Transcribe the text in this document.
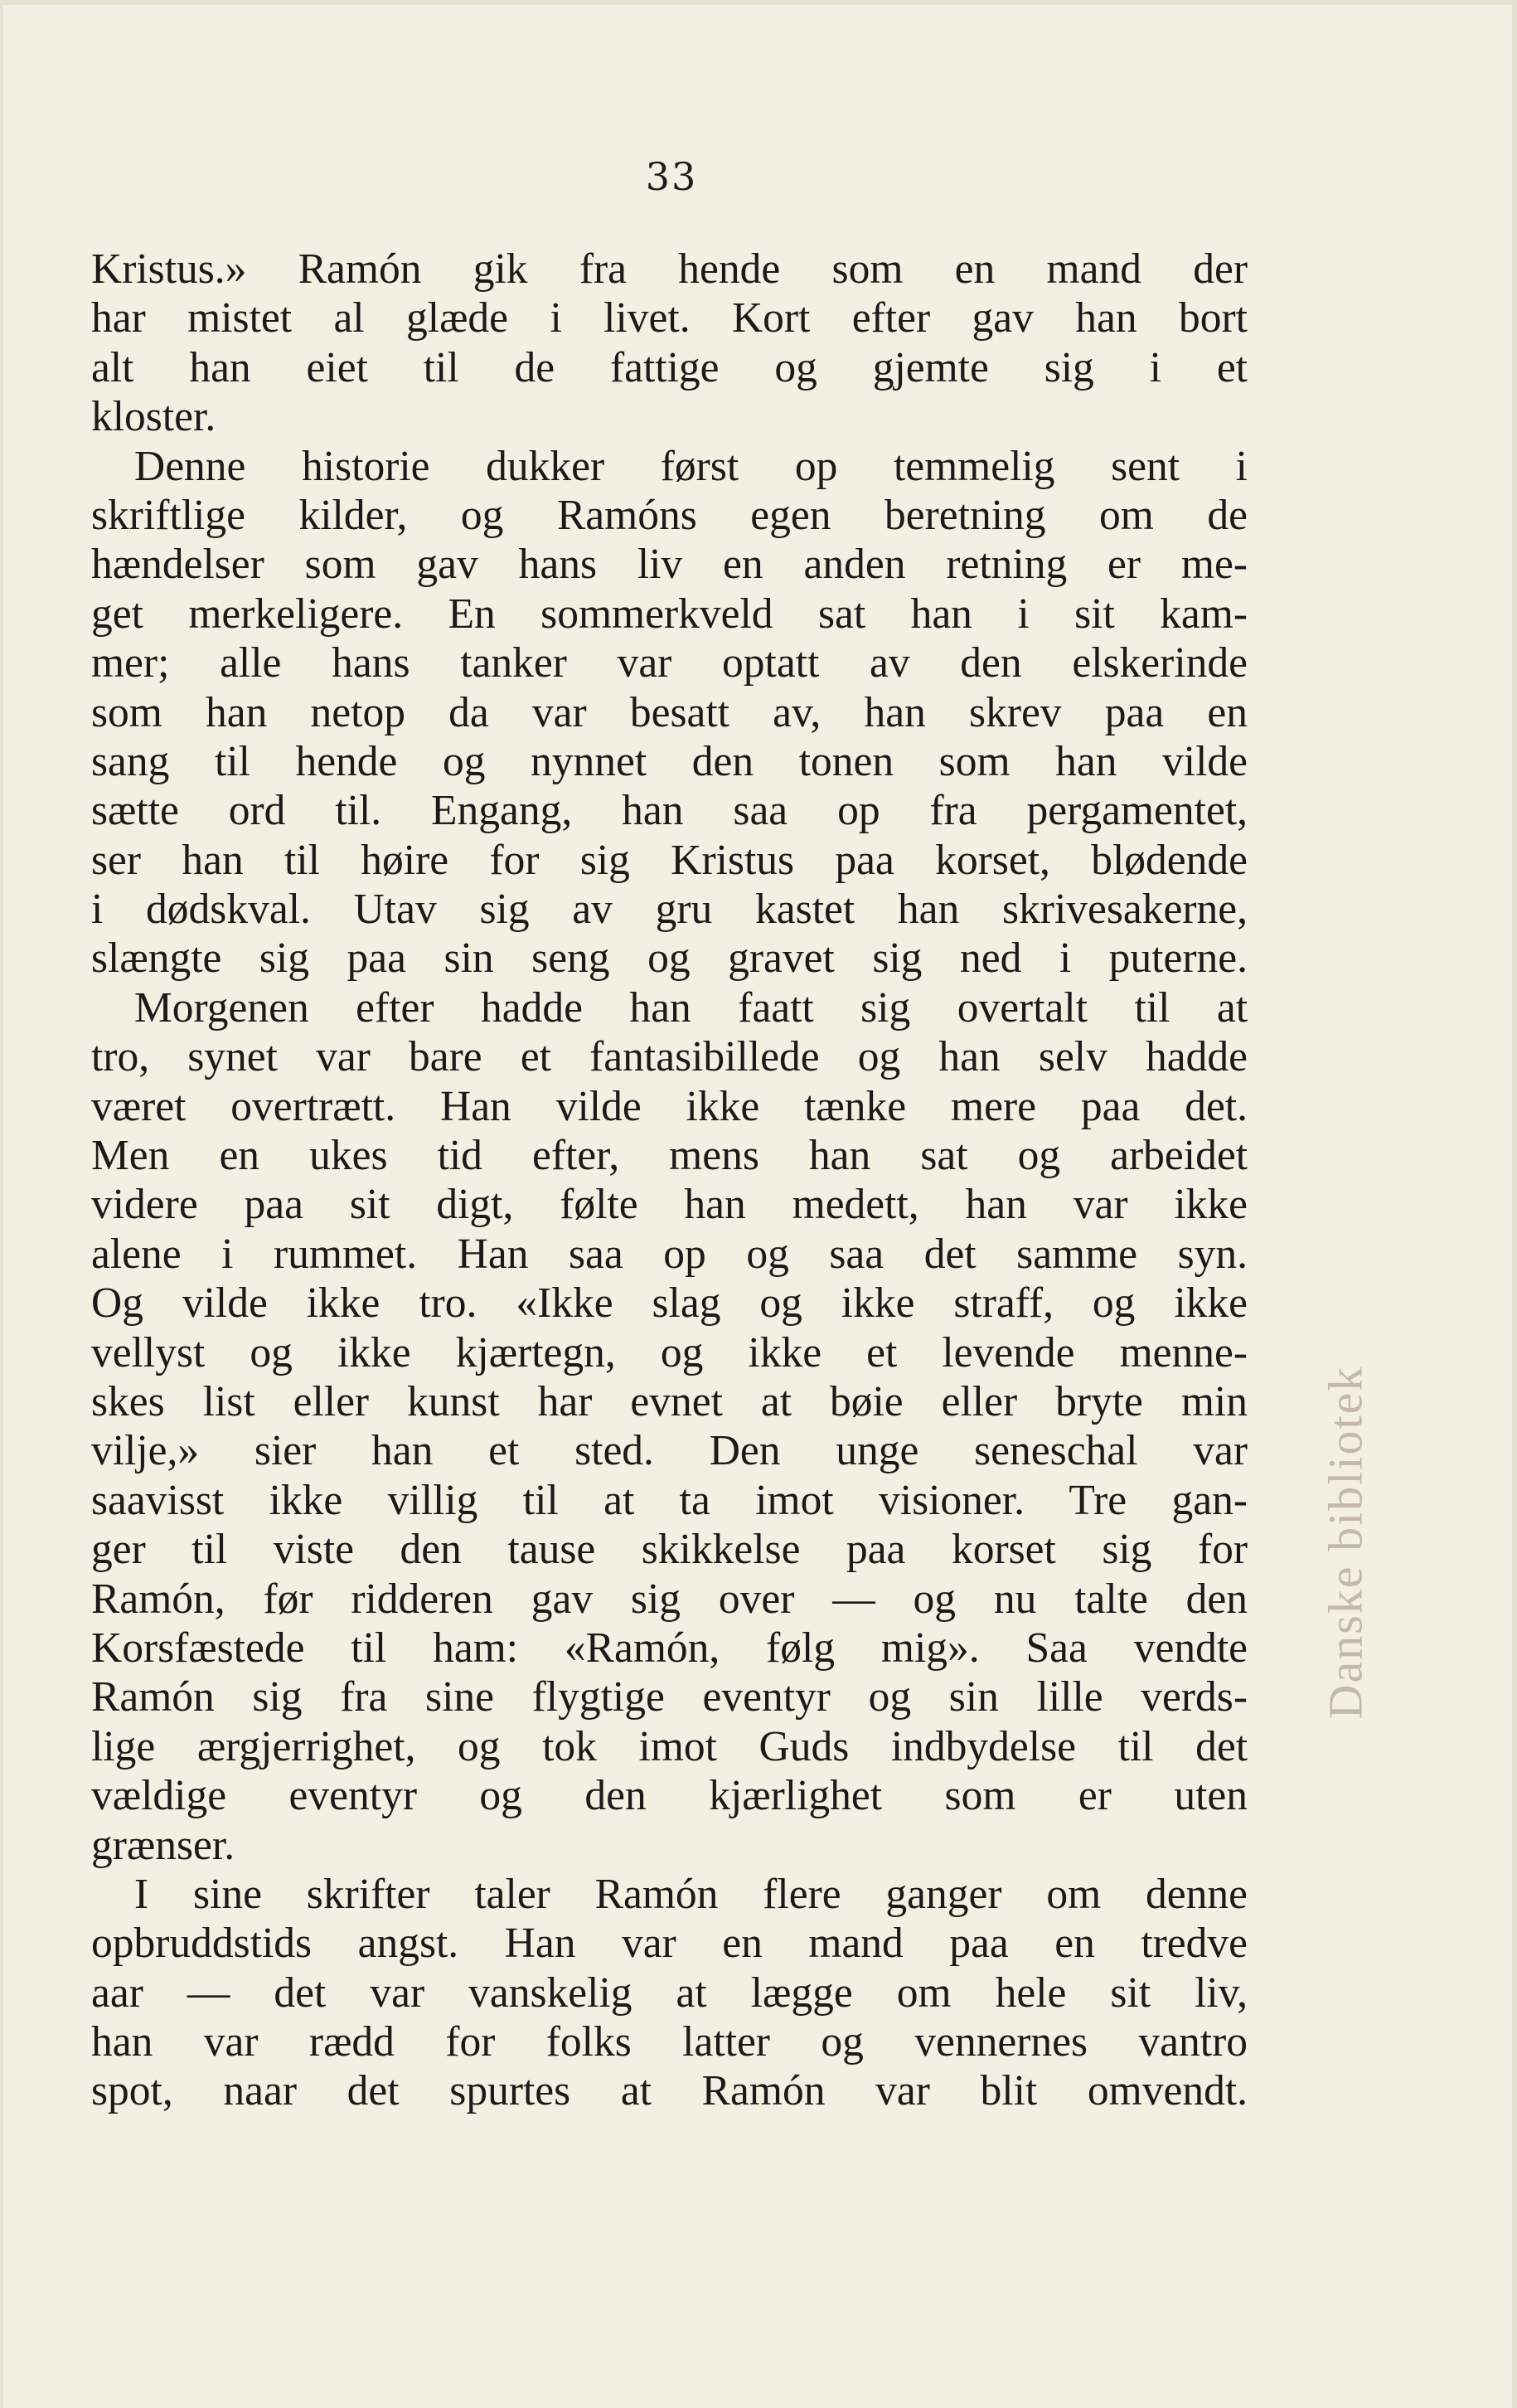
33
Kristus.» Ramón gik fra hende som en mand der
har mistet al glæde i livet. Kort efter gav han bort
alt han eiet til de fattige og gjemte sig i et
kloster.
Denne historie dukker først op temmelig sent i
skriftlige kilder, og Ramóns egen beretning om de
hændelser som gav hans liv en anden retning er me-
get merkeligere. En sommerkveld sat han i sit kam-
mer; alle hans tanker var optatt av den elskerinde
som han netop da var besatt av, han skrev paa en
sang til hende og nynnet den tonen som han vilde
sætte ord til. Engang, han saa op fra pergamentet,
ser han til høire for sig Kristus paa korset, blødende
i dødskval. Utav sig av gru kastet han skrivesakerne,
slængte sig paa sin seng og gravet sig ned i puterne.
Morgenen efter hadde han faatt sig overtalt til at
tro, synet var bare et fantasibillede og han selv hadde
været overtrætt. Han vilde ikke tænke mere paa det.
Men en ukes tid efter, mens han sat og arbeidet
videre paa sit digt, følte han medett, han var ikke
alene i rummet. Han saa op og saa det samme syn.
Og vilde ikke tro. «Ikke slag og ikke straff, og ikke
vellyst og ikke kjærtegn, og ikke et levende menne-
skes list eller kunst har evnet at bøie eller bryte min
vilje,» sier han et sted. Den unge seneschal var
saavisst ikke villig til at ta imot visioner. Tre gan-
ger til viste den tause skikkelse paa korset sig for
Ramón, før ridderen gav sig over — og nu talte den
Korsfæstede til ham: «Ramón, følg mig». Saa vendte
Ramón sig fra sine flygtige eventyr og sin lille verds-
lige ærgjerrighet, og tok imot Guds indbydelse til det
vældige eventyr og den kjærlighet som er uten
grænser.
I sine skrifter taler Ramón flere ganger om denne
opbruddstids angst. Han var en mand paa en tredve
aar — det var vanskelig at lægge om hele sit liv,
han var rædd for folks latter og vennernes vantro
spot, naar det spurtes at Ramón var blit omvendt.
Danske bibliotek
